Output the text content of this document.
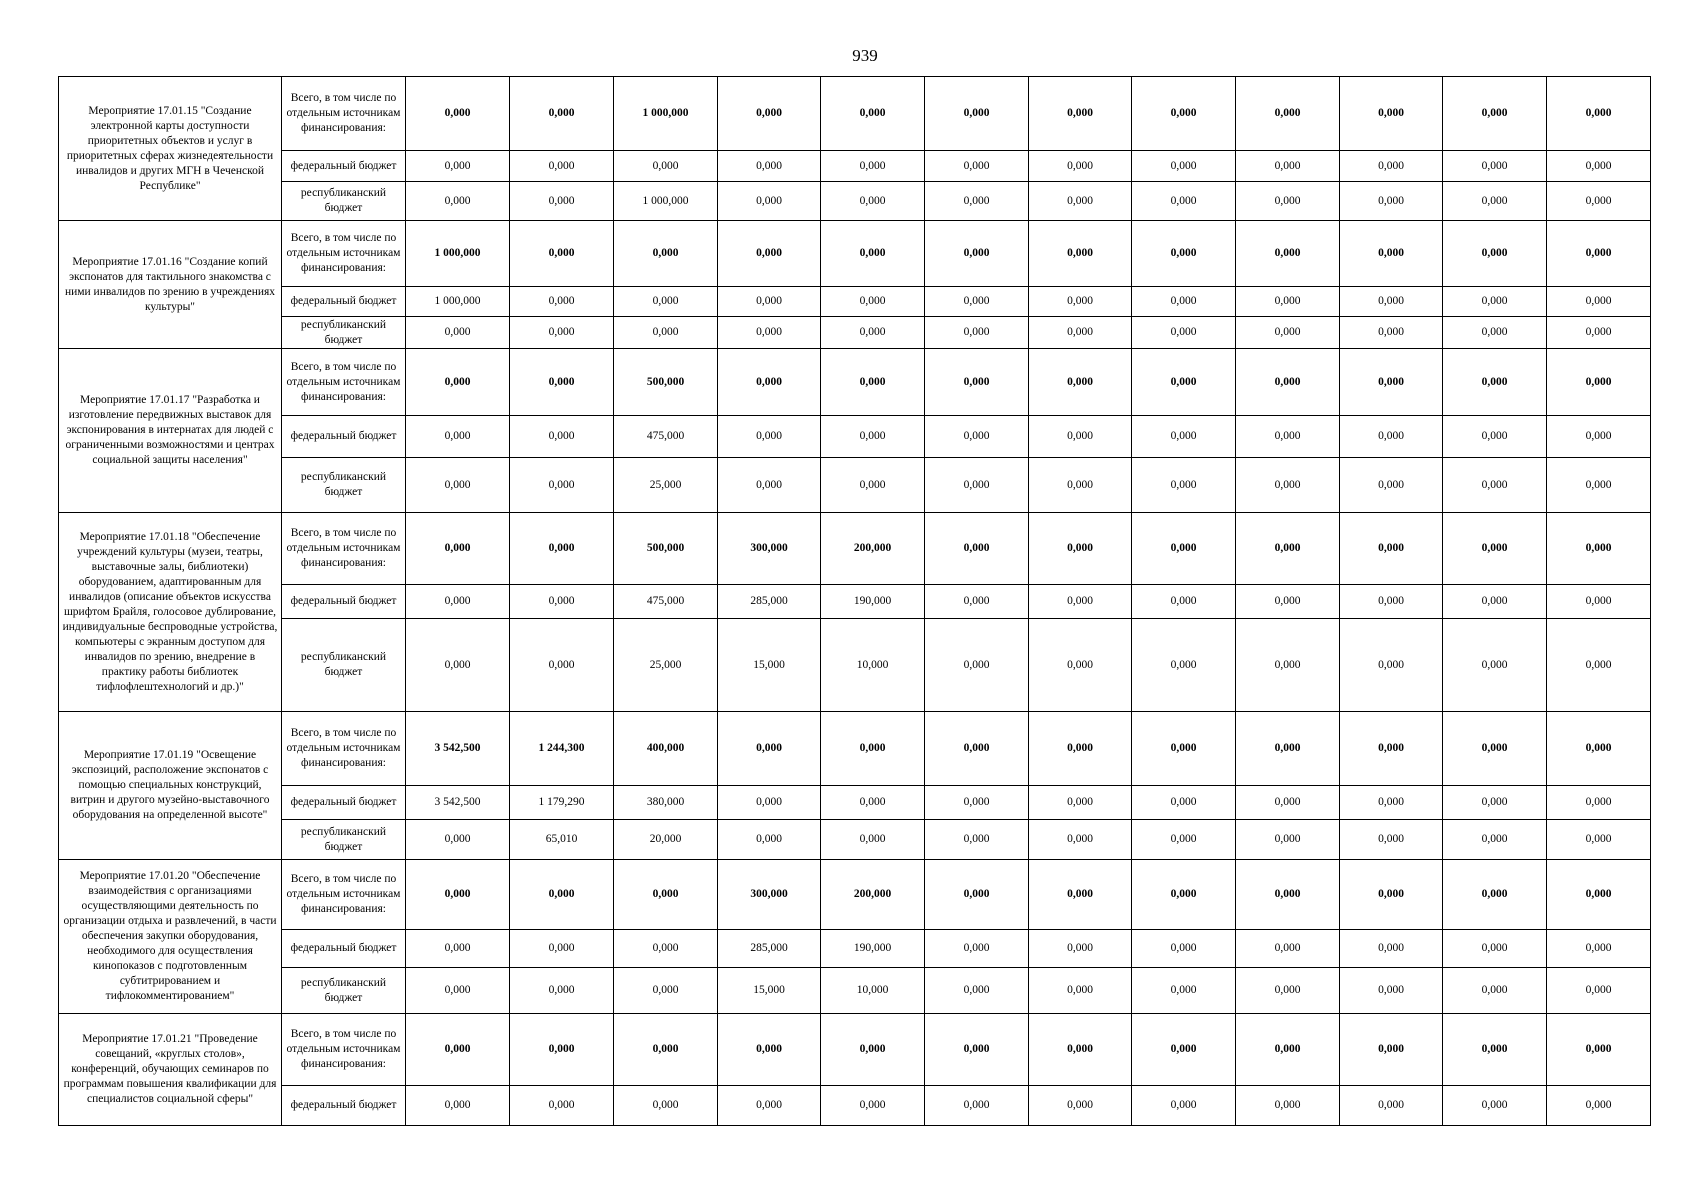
939
Мероприятие 17.01.15 "Создание электронной карты доступности приоритетных объектов и услуг в приоритетных сферах жизнедеятельности инвалидов и других МГН в Чеченской Республике"	Всего, в том числе по отдельным источникам финансирования:	0,000	0,000	1 000,000	0,000	0,000	0,000	0,000	0,000	0,000	0,000	0,000	0,000
	федеральный бюджет	0,000	0,000	0,000	0,000	0,000	0,000	0,000	0,000	0,000	0,000	0,000	0,000
	республиканский бюджет	0,000	0,000	1 000,000	0,000	0,000	0,000	0,000	0,000	0,000	0,000	0,000	0,000
Мероприятие 17.01.16 "Создание копий экспонатов для тактильного знакомства с ними инвалидов по зрению в учреждениях культуры"	Всего, в том числе по отдельным источникам финансирования:	1 000,000	0,000	0,000	0,000	0,000	0,000	0,000	0,000	0,000	0,000	0,000	0,000
	федеральный бюджет	1 000,000	0,000	0,000	0,000	0,000	0,000	0,000	0,000	0,000	0,000	0,000	0,000
	республиканский бюджет	0,000	0,000	0,000	0,000	0,000	0,000	0,000	0,000	0,000	0,000	0,000	0,000
Мероприятие 17.01.17 "Разработка и изготовление передвижных выставок для экспонирования в интернатах для людей с ограниченными возможностями и центрах социальной защиты населения"	Всего, в том числе по отдельным источникам финансирования:	0,000	0,000	500,000	0,000	0,000	0,000	0,000	0,000	0,000	0,000	0,000	0,000
	федеральный бюджет	0,000	0,000	475,000	0,000	0,000	0,000	0,000	0,000	0,000	0,000	0,000	0,000
	республиканский бюджет	0,000	0,000	25,000	0,000	0,000	0,000	0,000	0,000	0,000	0,000	0,000	0,000
Мероприятие 17.01.18 "Обеспечение учреждений культуры (музеи, театры, выставочные залы, библиотеки) оборудованием, адаптированным для инвалидов (описание объектов искусства шрифтом Брайля, голосовое дублирование, индивидуальные беспроводные устройства, компьютеры с экранным доступом для инвалидов по зрению, внедрение в практику работы библиотек тифлофлештехнологий и др.)"	Всего, в том числе по отдельным источникам финансирования:	0,000	0,000	500,000	300,000	200,000	0,000	0,000	0,000	0,000	0,000	0,000	0,000
	федеральный бюджет	0,000	0,000	475,000	285,000	190,000	0,000	0,000	0,000	0,000	0,000	0,000	0,000
	республиканский бюджет	0,000	0,000	25,000	15,000	10,000	0,000	0,000	0,000	0,000	0,000	0,000	0,000
Мероприятие 17.01.19 "Освещение экспозиций, расположение экспонатов с помощью специальных конструкций, витрин и другого музейно-выставочного оборудования на определенной высоте"	Всего, в том числе по отдельным источникам финансирования:	3 542,500	1 244,300	400,000	0,000	0,000	0,000	0,000	0,000	0,000	0,000	0,000	0,000
	федеральный бюджет	3 542,500	1 179,290	380,000	0,000	0,000	0,000	0,000	0,000	0,000	0,000	0,000	0,000
	республиканский бюджет	0,000	65,010	20,000	0,000	0,000	0,000	0,000	0,000	0,000	0,000	0,000	0,000
Мероприятие 17.01.20 "Обеспечение взаимодействия с организациями осуществляющими деятельность по организации отдыха и развлечений, в части обеспечения закупки оборудования, необходимого для осуществления кинопоказов с подготовленным субтитрированием и тифлокомментированием"	Всего, в том числе по отдельным источникам финансирования:	0,000	0,000	0,000	300,000	200,000	0,000	0,000	0,000	0,000	0,000	0,000	0,000
	федеральный бюджет	0,000	0,000	0,000	285,000	190,000	0,000	0,000	0,000	0,000	0,000	0,000	0,000
	республиканский бюджет	0,000	0,000	0,000	15,000	10,000	0,000	0,000	0,000	0,000	0,000	0,000	0,000
Мероприятие 17.01.21 "Проведение совещаний, «круглых столов», конференций, обучающих семинаров по программам повышения квалификации для специалистов социальной сферы"	Всего, в том числе по отдельным источникам финансирования:	0,000	0,000	0,000	0,000	0,000	0,000	0,000	0,000	0,000	0,000	0,000	0,000
	федеральный бюджет	0,000	0,000	0,000	0,000	0,000	0,000	0,000	0,000	0,000	0,000	0,000	0,000
